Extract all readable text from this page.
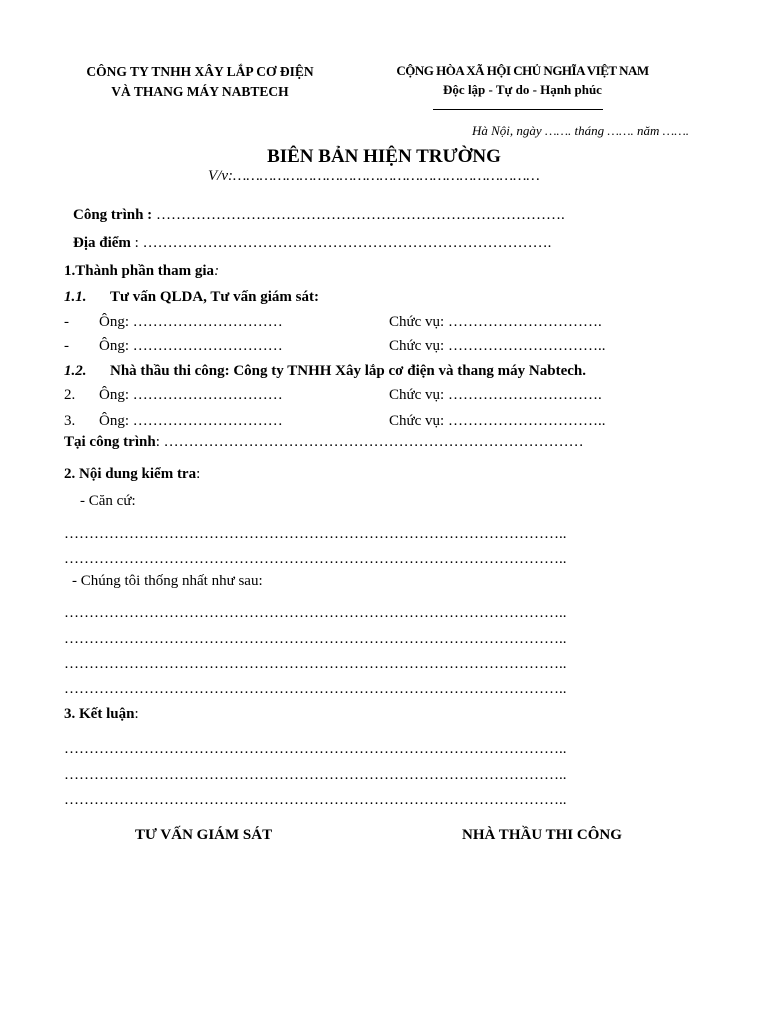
CÔNG TY TNHH XÂY LẮP CƠ ĐIỆN
VÀ THANG MÁY NABTECH
CỘNG HÒA XÃ HỘI CHỦ NGHĨA VIỆT NAM
Độc lập - Tự do - Hạnh phúc
Hà Nội, ngày ……. tháng ……. năm …….
BIÊN BẢN HIỆN TRƯỜNG
V/v:……………………………………………………………
Công trình : ……………………………………………………………………….
Địa điểm : ……………………………………………………………………….
1.Thành phần tham gia:
1.1. Tư vấn QLDA, Tư vấn giám sát:
- Ông: …………………………	Chức vụ: ………………………….
- Ông: …………………………	Chức vụ: …………………………..
1.2. Nhà thầu thi công: Công ty TNHH Xây lắp cơ điện và thang máy Nabtech.
2. Ông: …………………………	Chức vụ: ………………………….
3. Ông: …………………………	Chức vụ: …………………………..
Tại công trình: …………………………………………………………………………
2. Nội dung kiểm tra:
- Căn cứ:
………………………………………………………………………………………..
………………………………………………………………………………………..
- Chúng tôi thống nhất như sau:
………………………………………………………………………………………..
………………………………………………………………………………………..
………………………………………………………………………………………..
………………………………………………………………………………………..
3. Kết luận:
………………………………………………………………………………………..
………………………………………………………………………………………..
………………………………………………………………………………………..
TƯ VẤN GIÁM SÁT	NHÀ THẦU THI CÔNG
